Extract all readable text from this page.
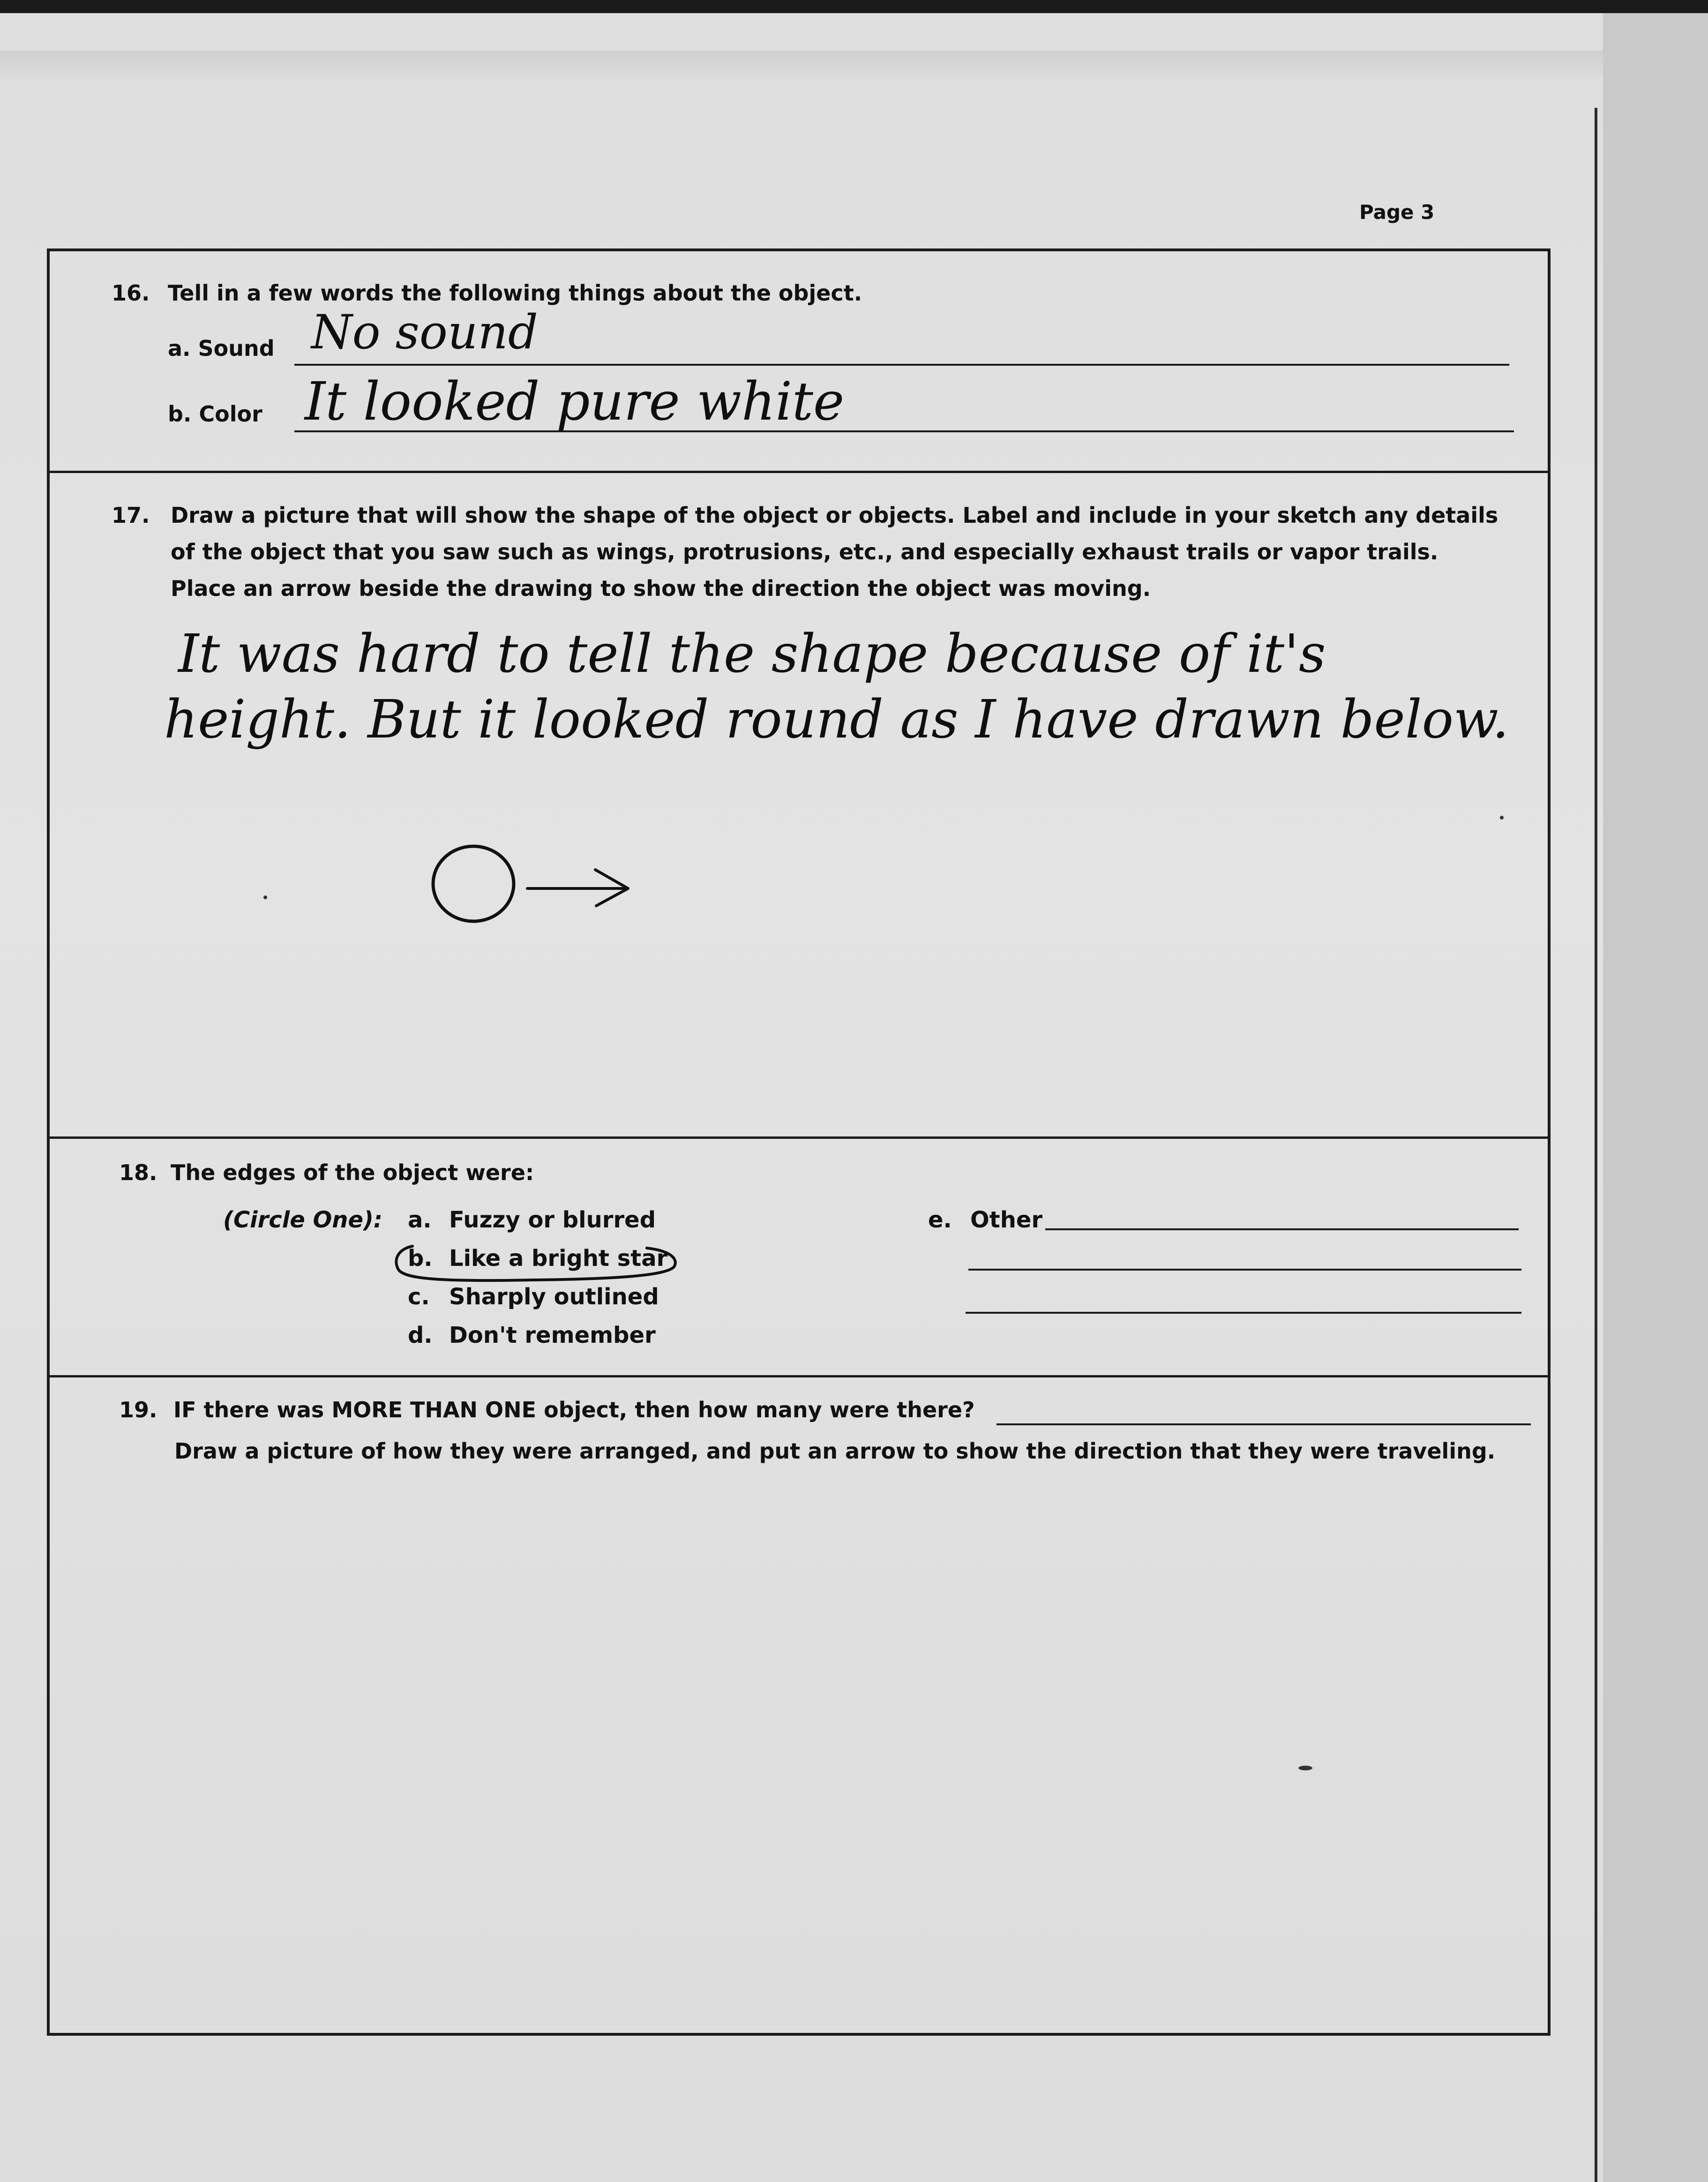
Page 3
16. Tell in a few words the following things about the object.
a. Sound No sound
b. Color It looked pure white
17. Draw a picture that will show the shape of the object or objects. Label and include in your sketch any details
of the object that you saw such as wings, protrusions, etc., and especially exhaust trails or vapor trails.
Place an arrow beside the drawing to show the direction the object was moving.
It was hard to tell the shape because of it's
height. But it looked round as I have drawn below.
18. The edges of the object were:
(Circle One): a. Fuzzy or blurred
b. Like a bright star
c. Sharply outlined
d. Don't remember
e. Other
19. IF there was MORE THAN ONE object, then how many were there?
Draw a picture of how they were arranged, and put an arrow to show the direction that they were traveling.
